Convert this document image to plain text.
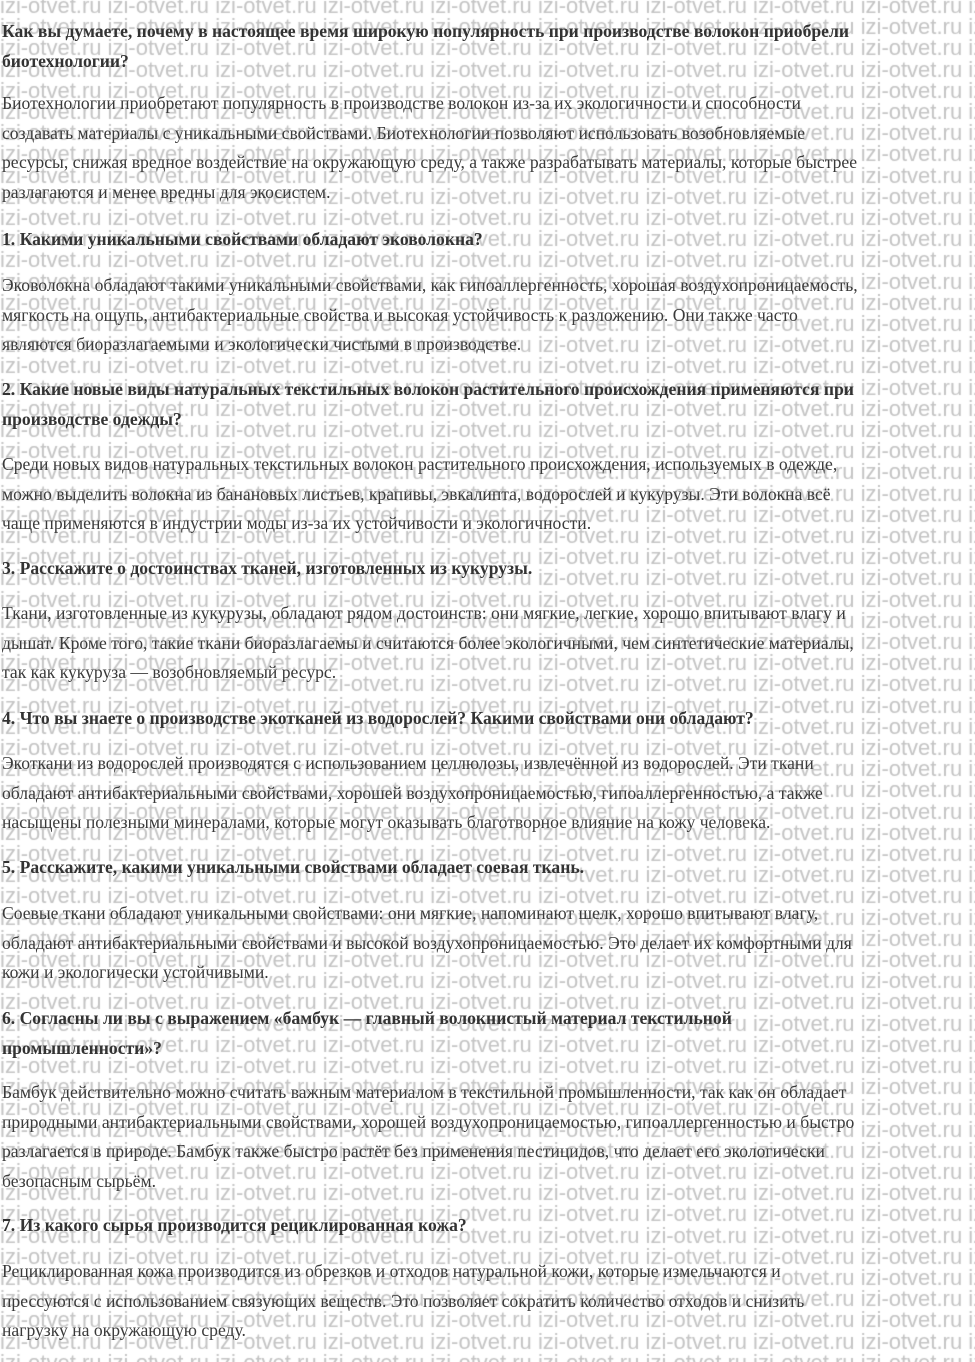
Как вы думаете, почему в настоящее время широкую популярность при производстве волокон приобрели
биотехнологии?
Биотехнологии приобретают популярность в производстве волокон из-за их экологичности и способности
создавать материалы с уникальными свойствами. Биотехнологии позволяют использовать возобновляемые
ресурсы, снижая вредное воздействие на окружающую среду, а также разрабатывать материалы, которые быстрее
разлагаются и менее вредны для экосистем.
1. Какими уникальными свойствами обладают эковолокна?
Эковолокна обладают такими уникальными свойствами, как гипоаллергенность, хорошая воздухопроницаемость,
мягкость на ощупь, антибактериальные свойства и высокая устойчивость к разложению. Они также часто
являются биоразлагаемыми и экологически чистыми в производстве.
2. Какие новые виды натуральных текстильных волокон растительного происхождения применяются при
производстве одежды?
Среди новых видов натуральных текстильных волокон растительного происхождения, используемых в одежде,
можно выделить волокна из банановых листьев, крапивы, эвкалипта, водорослей и кукурузы. Эти волокна всё
чаще применяются в индустрии моды из-за их устойчивости и экологичности.
3. Расскажите о достоинствах тканей, изготовленных из кукурузы.
Ткани, изготовленные из кукурузы, обладают рядом достоинств: они мягкие, легкие, хорошо впитывают влагу и
дышат. Кроме того, такие ткани биоразлагаемы и считаются более экологичными, чем синтетические материалы,
так как кукуруза — возобновляемый ресурс.
4. Что вы знаете о производстве экотканей из водорослей? Какими свойствами они обладают?
Экоткани из водорослей производятся с использованием целлюлозы, извлечённой из водорослей. Эти ткани
обладают антибактериальными свойствами, хорошей воздухопроницаемостью, гипоаллергенностью, а также
насыщены полезными минералами, которые могут оказывать благотворное влияние на кожу человека.
5. Расскажите, какими уникальными свойствами обладает соевая ткань.
Соевые ткани обладают уникальными свойствами: они мягкие, напоминают шелк, хорошо впитывают влагу,
обладают антибактериальными свойствами и высокой воздухопроницаемостью. Это делает их комфортными для
кожи и экологически устойчивыми.
6. Согласны ли вы с выражением «бамбук — главный волокнистый материал текстильной
промышленности»?
Бамбук действительно можно считать важным материалом в текстильной промышленности, так как он обладает
природными антибактериальными свойствами, хорошей воздухопроницаемостью, гипоаллергенностью и быстро
разлагается в природе. Бамбук также быстро растёт без применения пестицидов, что делает его экологически
безопасным сырьём.
7. Из какого сырья производится рециклированная кожа?
Рециклированная кожа производится из обрезков и отходов натуральной кожи, которые измельчаются и
прессуются с использованием связующих веществ. Это позволяет сократить количество отходов и снизить
нагрузку на окружающую среду.
